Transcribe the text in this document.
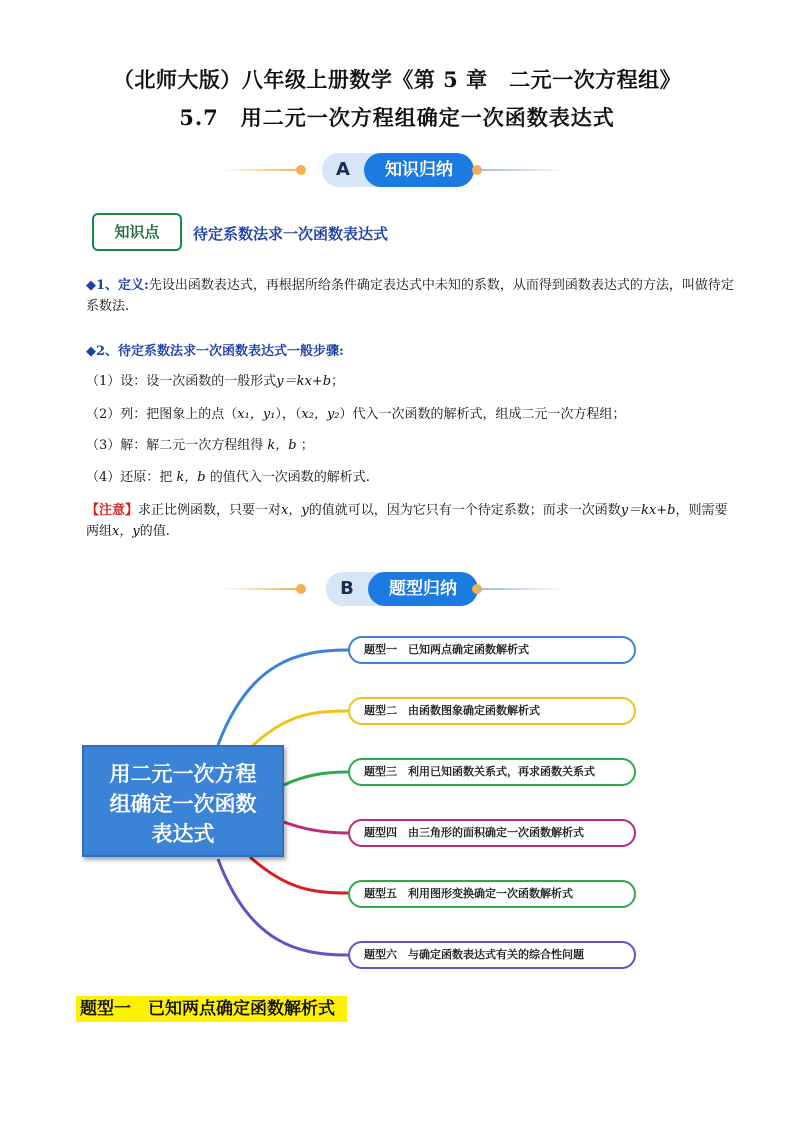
（北师大版）八年级上册数学《第 5 章　二元一次方程组》
5.7　用二元一次方程组确定一次函数表达式
A	知识归纳
知识点	待定系数法求一次函数表达式
◆1、定义:先设出函数表达式，再根据所给条件确定表达式中未知的系数，从而得到函数表达式的方法，叫做待定系数法.
◆2、待定系数法求一次函数表达式一般步骤:
（1）设：设一次函数的一般形式y＝kx+b；
（2）列：把图象上的点（x₁，y₁），（x₂，y₂）代入一次函数的解析式，组成二元一次方程组；
（3）解：解二元一次方程组得 k，b ；
（4）还原：把 k，b 的值代入一次函数的解析式.
【注意】求正比例函数，只要一对x，y的值就可以，因为它只有一个待定系数；而求一次函数y＝kx+b，则需要两组x，y的值.
B	题型归纳
用二元一次方程
组确定一次函数
表达式
题型一　已知两点确定函数解析式
题型二　由函数图象确定函数解析式
题型三　利用已知函数关系式，再求函数关系式
题型四　由三角形的面积确定一次函数解析式
题型五　利用图形变换确定一次函数解析式
题型六　与确定函数表达式有关的综合性问题
题型一　已知两点确定函数解析式
